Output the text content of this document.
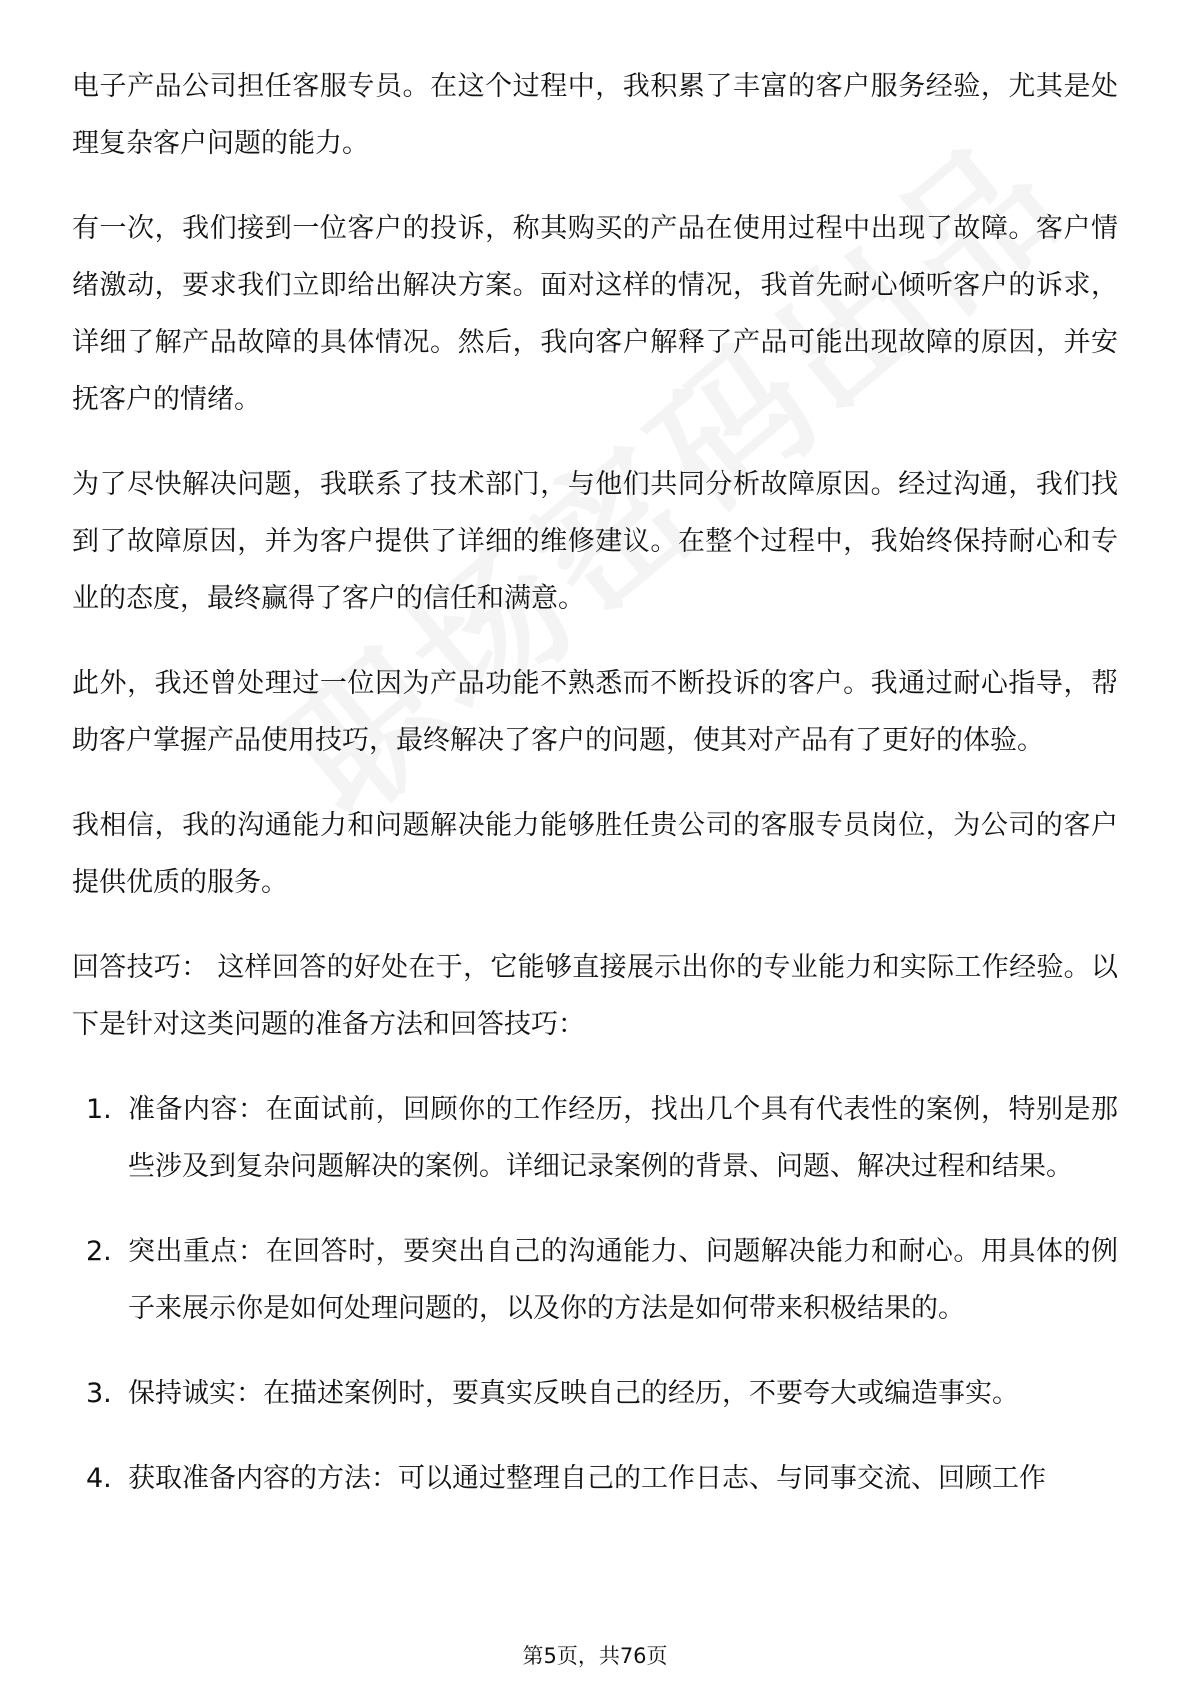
电子产品公司担任客服专员。在这个过程中，我积累了丰富的客户服务经验，尤其是处理复杂客户问题的能力。

有一次，我们接到一位客户的投诉，称其购买的产品在使用过程中出现了故障。客户情绪激动，要求我们立即给出解决方案。面对这样的情况，我首先耐心倾听客户的诉求，详细了解产品故障的具体情况。然后，我向客户解释了产品可能出现故障的原因，并安抚客户的情绪。

为了尽快解决问题，我联系了技术部门，与他们共同分析故障原因。经过沟通，我们找到了故障原因，并为客户提供了详细的维修建议。在整个过程中，我始终保持耐心和专业的态度，最终赢得了客户的信任和满意。

此外，我还曾处理过一位因为产品功能不熟悉而不断投诉的客户。我通过耐心指导，帮助客户掌握产品使用技巧，最终解决了客户的问题，使其对产品有了更好的体验。

我相信，我的沟通能力和问题解决能力能够胜任贵公司的客服专员岗位，为公司的客户提供优质的服务。

回答技巧： 这样回答的好处在于，它能够直接展示出你的专业能力和实际工作经验。以下是针对这类问题的准备方法和回答技巧：

1. 准备内容：在面试前，回顾你的工作经历，找出几个具有代表性的案例，特别是那些涉及到复杂问题解决的案例。详细记录案例的背景、问题、解决过程和结果。
2. 突出重点：在回答时，要突出自己的沟通能力、问题解决能力和耐心。用具体的例子来展示你是如何处理问题的，以及你的方法是如何带来积极结果的。
3. 保持诚实：在描述案例时，要真实反映自己的经历，不要夸大或编造事实。
4. 获取准备内容的方法：可以通过整理自己的工作日志、与同事交流、回顾工作
第5页，共76页
